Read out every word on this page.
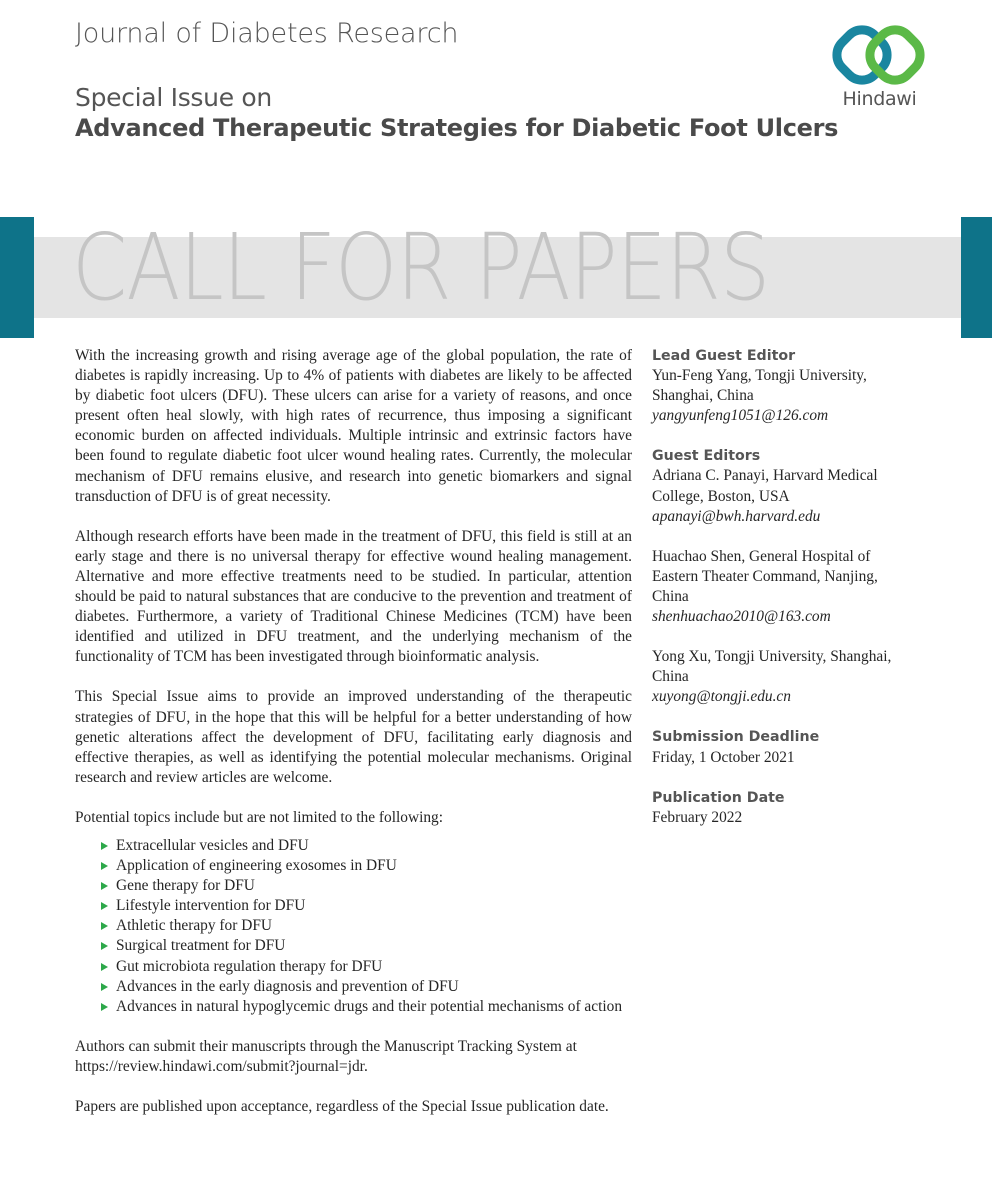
Journal of Diabetes Research
Hindawi
Special Issue on
Advanced Therapeutic Strategies for Diabetic Foot Ulcers
CALL FOR PAPERS

With the increasing growth and rising average age of the global population, the rate of diabetes is rapidly increasing. Up to 4% of patients with diabetes are likely to be affected by diabetic foot ulcers (DFU). These ulcers can arise for a variety of reasons, and once present often heal slowly, with high rates of recurrence, thus imposing a significant economic burden on affected individuals. Multiple intrinsic and extrinsic factors have been found to regulate diabetic foot ulcer wound healing rates. Currently, the molecular mechanism of DFU remains elusive, and research into genetic biomarkers and signal transduction of DFU is of great necessity.

Although research efforts have been made in the treatment of DFU, this field is still at an early stage and there is no universal therapy for effective wound healing management. Alternative and more effective treatments need to be studied. In particular, attention should be paid to natural substances that are conducive to the prevention and treatment of diabetes. Furthermore, a variety of Traditional Chinese Medicines (TCM) have been identified and utilized in DFU treatment, and the underlying mechanism of the functionality of TCM has been investigated through bioinformatic analysis.

This Special Issue aims to provide an improved understanding of the therapeutic strategies of DFU, in the hope that this will be helpful for a better understanding of how genetic alterations affect the development of DFU, facilitating early diagnosis and effective therapies, as well as identifying the potential molecular mechanisms. Original research and review articles are welcome.

Potential topics include but are not limited to the following:

Extracellular vesicles and DFU
Application of engineering exosomes in DFU
Gene therapy for DFU
Lifestyle intervention for DFU
Athletic therapy for DFU
Surgical treatment for DFU
Gut microbiota regulation therapy for DFU
Advances in the early diagnosis and prevention of DFU
Advances in natural hypoglycemic drugs and their potential mechanisms of action

Authors can submit their manuscripts through the Manuscript Tracking System at https://review.hindawi.com/submit?journal=jdr.

Papers are published upon acceptance, regardless of the Special Issue publication date.

Lead Guest Editor
Yun-Feng Yang, Tongji University, Shanghai, China
yangyunfeng1051@126.com
Guest Editors
Adriana C. Panayi, Harvard Medical College, Boston, USA
apanayi@bwh.harvard.edu
Huachao Shen, General Hospital of Eastern Theater Command, Nanjing, China
shenhuachao2010@163.com
Yong Xu, Tongji University, Shanghai, China
xuyong@tongji.edu.cn
Submission Deadline
Friday, 1 October 2021
Publication Date
February 2022
